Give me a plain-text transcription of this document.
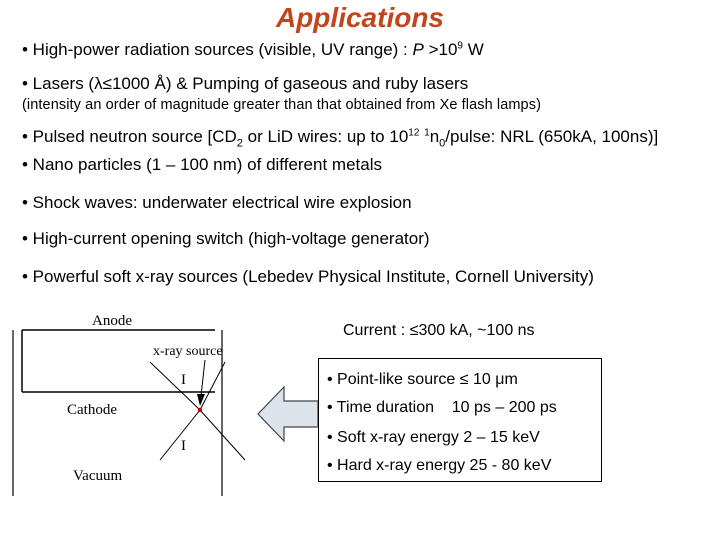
Applications
• High-power radiation sources (visible, UV range) : $P >10^9$ W
• Lasers (λ≤1000 Å) & Pumping of gaseous and ruby lasers
(intensity an order of magnitude greater than that obtained from Xe flash lamps)
• Pulsed neutron source [$CD_2$ or LiD wires: up to $10^{12}$ $^1n_0$/pulse: NRL (650kA, 100ns)]
• Nano particles (1 – 100 nm) of different metals
• Shock waves: underwater electrical wire explosion
• High-current opening switch (high-voltage generator)
• Powerful soft x-ray sources (Lebedev Physical Institute, Cornell University)
Anode
x-ray source
I
Cathode
I
Vacuum
Current : ≤300 kA, ~100 ns
• Point-like source ≤ 10 μm
• Time duration    10 ps – 200 ps
• Soft x-ray energy 2 – 15 keV
• Hard x-ray energy 25 - 80 keV
